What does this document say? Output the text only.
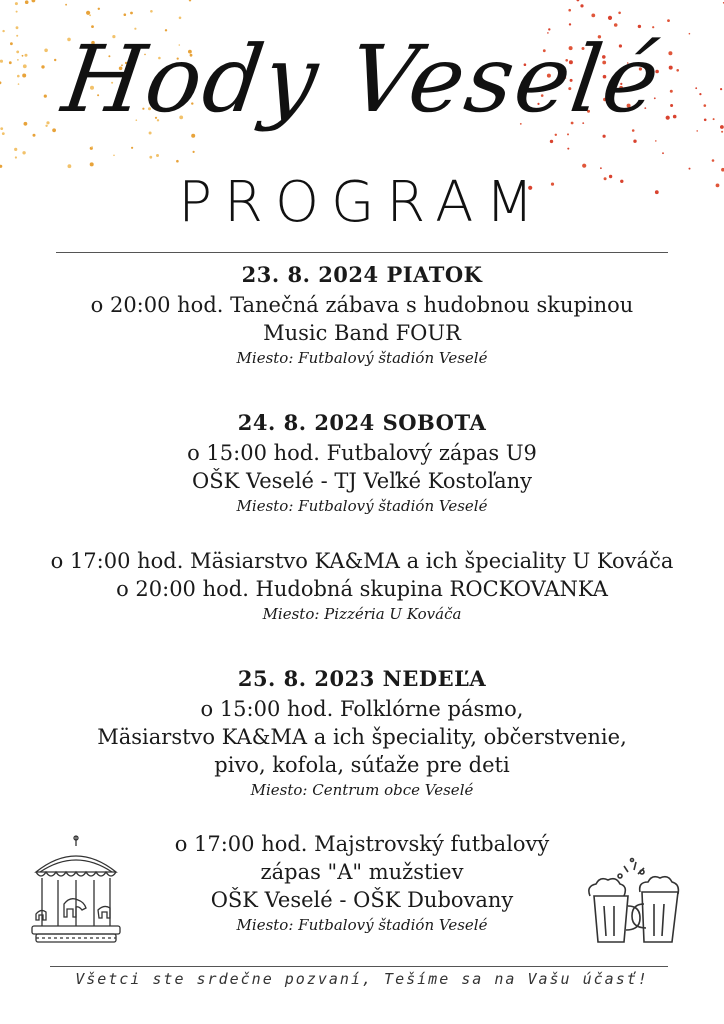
Hody Veselé
PROGRAM
23. 8. 2024 PIATOK

o 20:00 hod. Tanečná zábava s hudobnou skupinou

Music Band FOUR

Miesto: Futbalový štadión Veselé

24. 8. 2024 SOBOTA

o 15:00 hod. Futbalový zápas U9

OŠK Veselé - TJ Veľké Kostoľany

Miesto: Futbalový štadión Veselé

o 17:00 hod. Mäsiarstvo KA&MA a ich špeciality U Kováča

o 20:00 hod. Hudobná skupina ROCKOVANKA

Miesto: Pizzéria U Kováča

25. 8. 2023 NEDEĽA

o 15:00 hod. Folklórne pásmo,

Mäsiarstvo KA&MA a ich špeciality, občerstvenie,

pivo, kofola, súťaže pre deti

Miesto: Centrum obce Veselé

o 17:00 hod. Majstrovský futbalový

zápas "A" mužstiev

OŠK Veselé - OŠK Dubovany

Miesto: Futbalový štadión Veselé

Všetci ste srdečne pozvaní, Tešíme sa na Vašu účasť!
